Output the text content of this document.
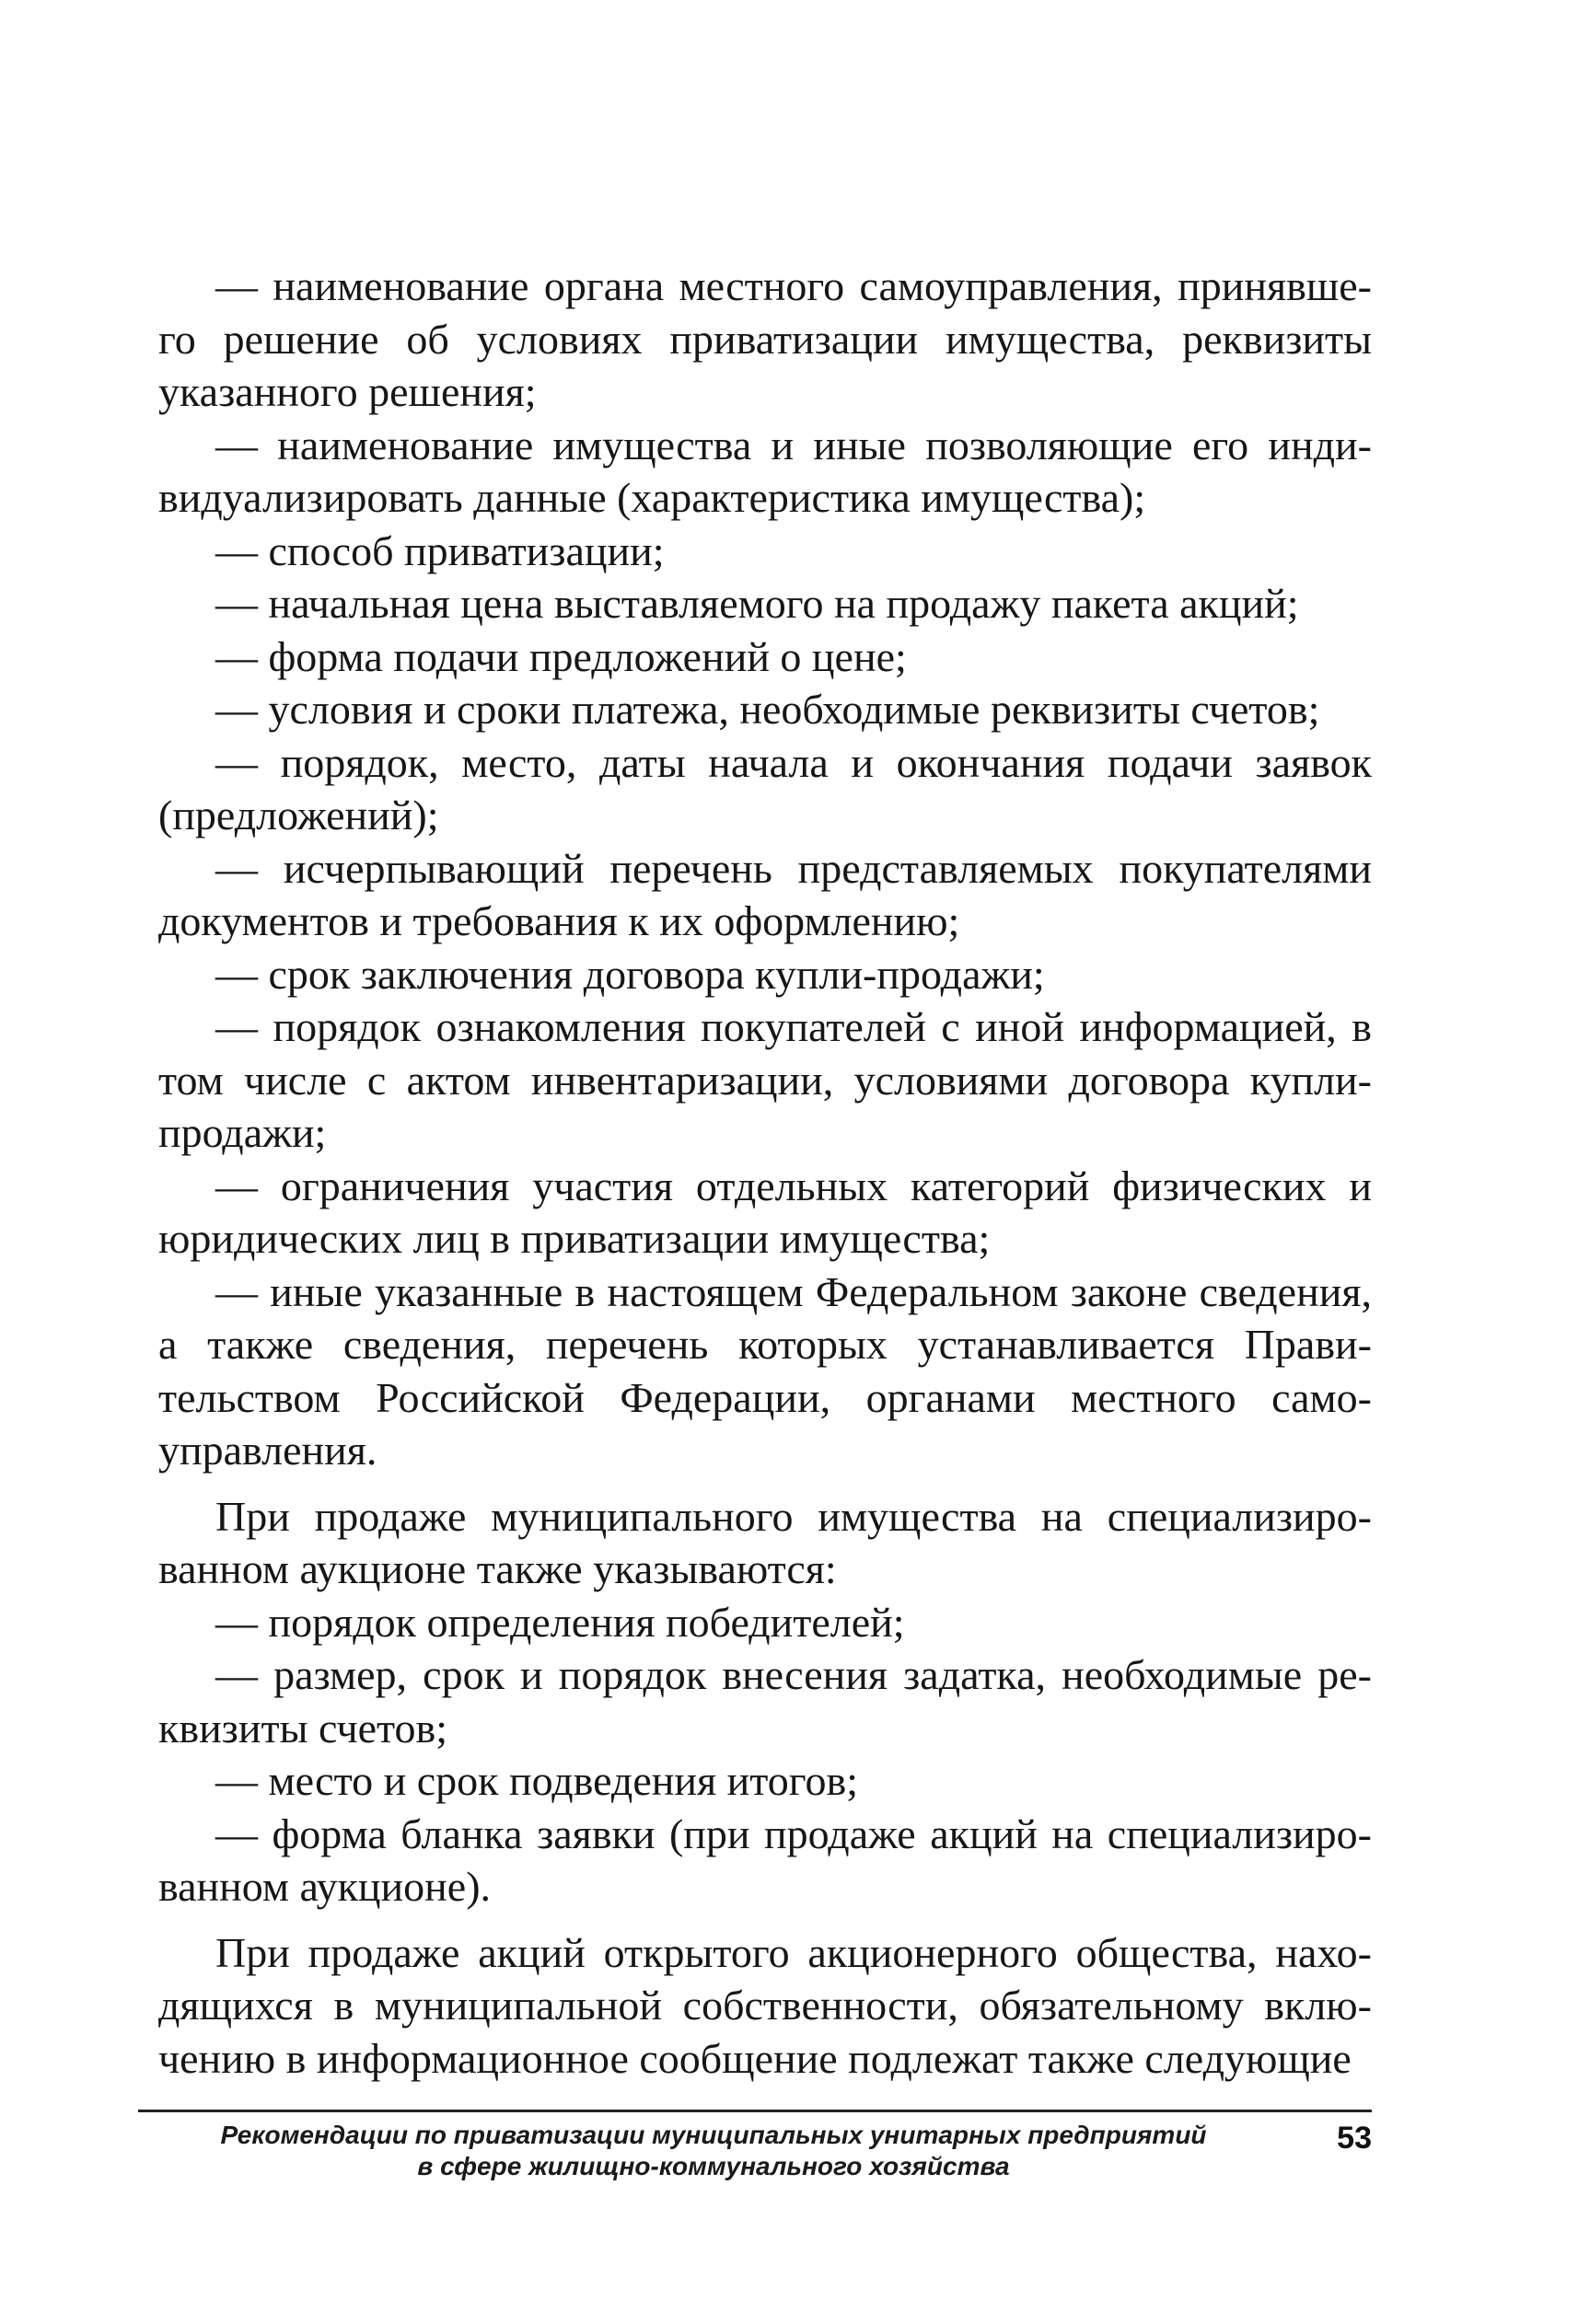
— наименование органа местного самоуправления, принявшего решение об условиях приватизации имущества, реквизиты указанного решения;

— наименование имущества и иные позволяющие его индивидуализировать данные (характеристика имущества);

— способ приватизации;

— начальная цена выставляемого на продажу пакета акций;

— форма подачи предложений о цене;

— условия и сроки платежа, необходимые реквизиты счетов;

— порядок, место, даты начала и окончания подачи заявок (предложений);

— исчерпывающий перечень представляемых покупателями документов и требования к их оформлению;

— срок заключения договора купли-продажи;

— порядок ознакомления покупателей с иной информацией, в том числе с актом инвентаризации, условиями договора купли-продажи;

— ограничения участия отдельных категорий физических и юридических лиц в приватизации имущества;

— иные указанные в настоящем Федеральном законе сведения, а также сведения, перечень которых устанавливается Правительством Российской Федерации, органами местного самоуправления.

При продаже муниципального имущества на специализированном аукционе также указываются:

— порядок определения победителей;

— размер, срок и порядок внесения задатка, необходимые реквизиты счетов;

— место и срок подведения итогов;

— форма бланка заявки (при продаже акций на специализированном аукционе).

При продаже акций открытого акционерного общества, находящихся в муниципальной собственности, обязательному включению в информационное сообщение подлежат также следующие

Рекомендации по приватизации муниципальных унитарных предприятий
в сфере жилищно-коммунального хозяйства
53
